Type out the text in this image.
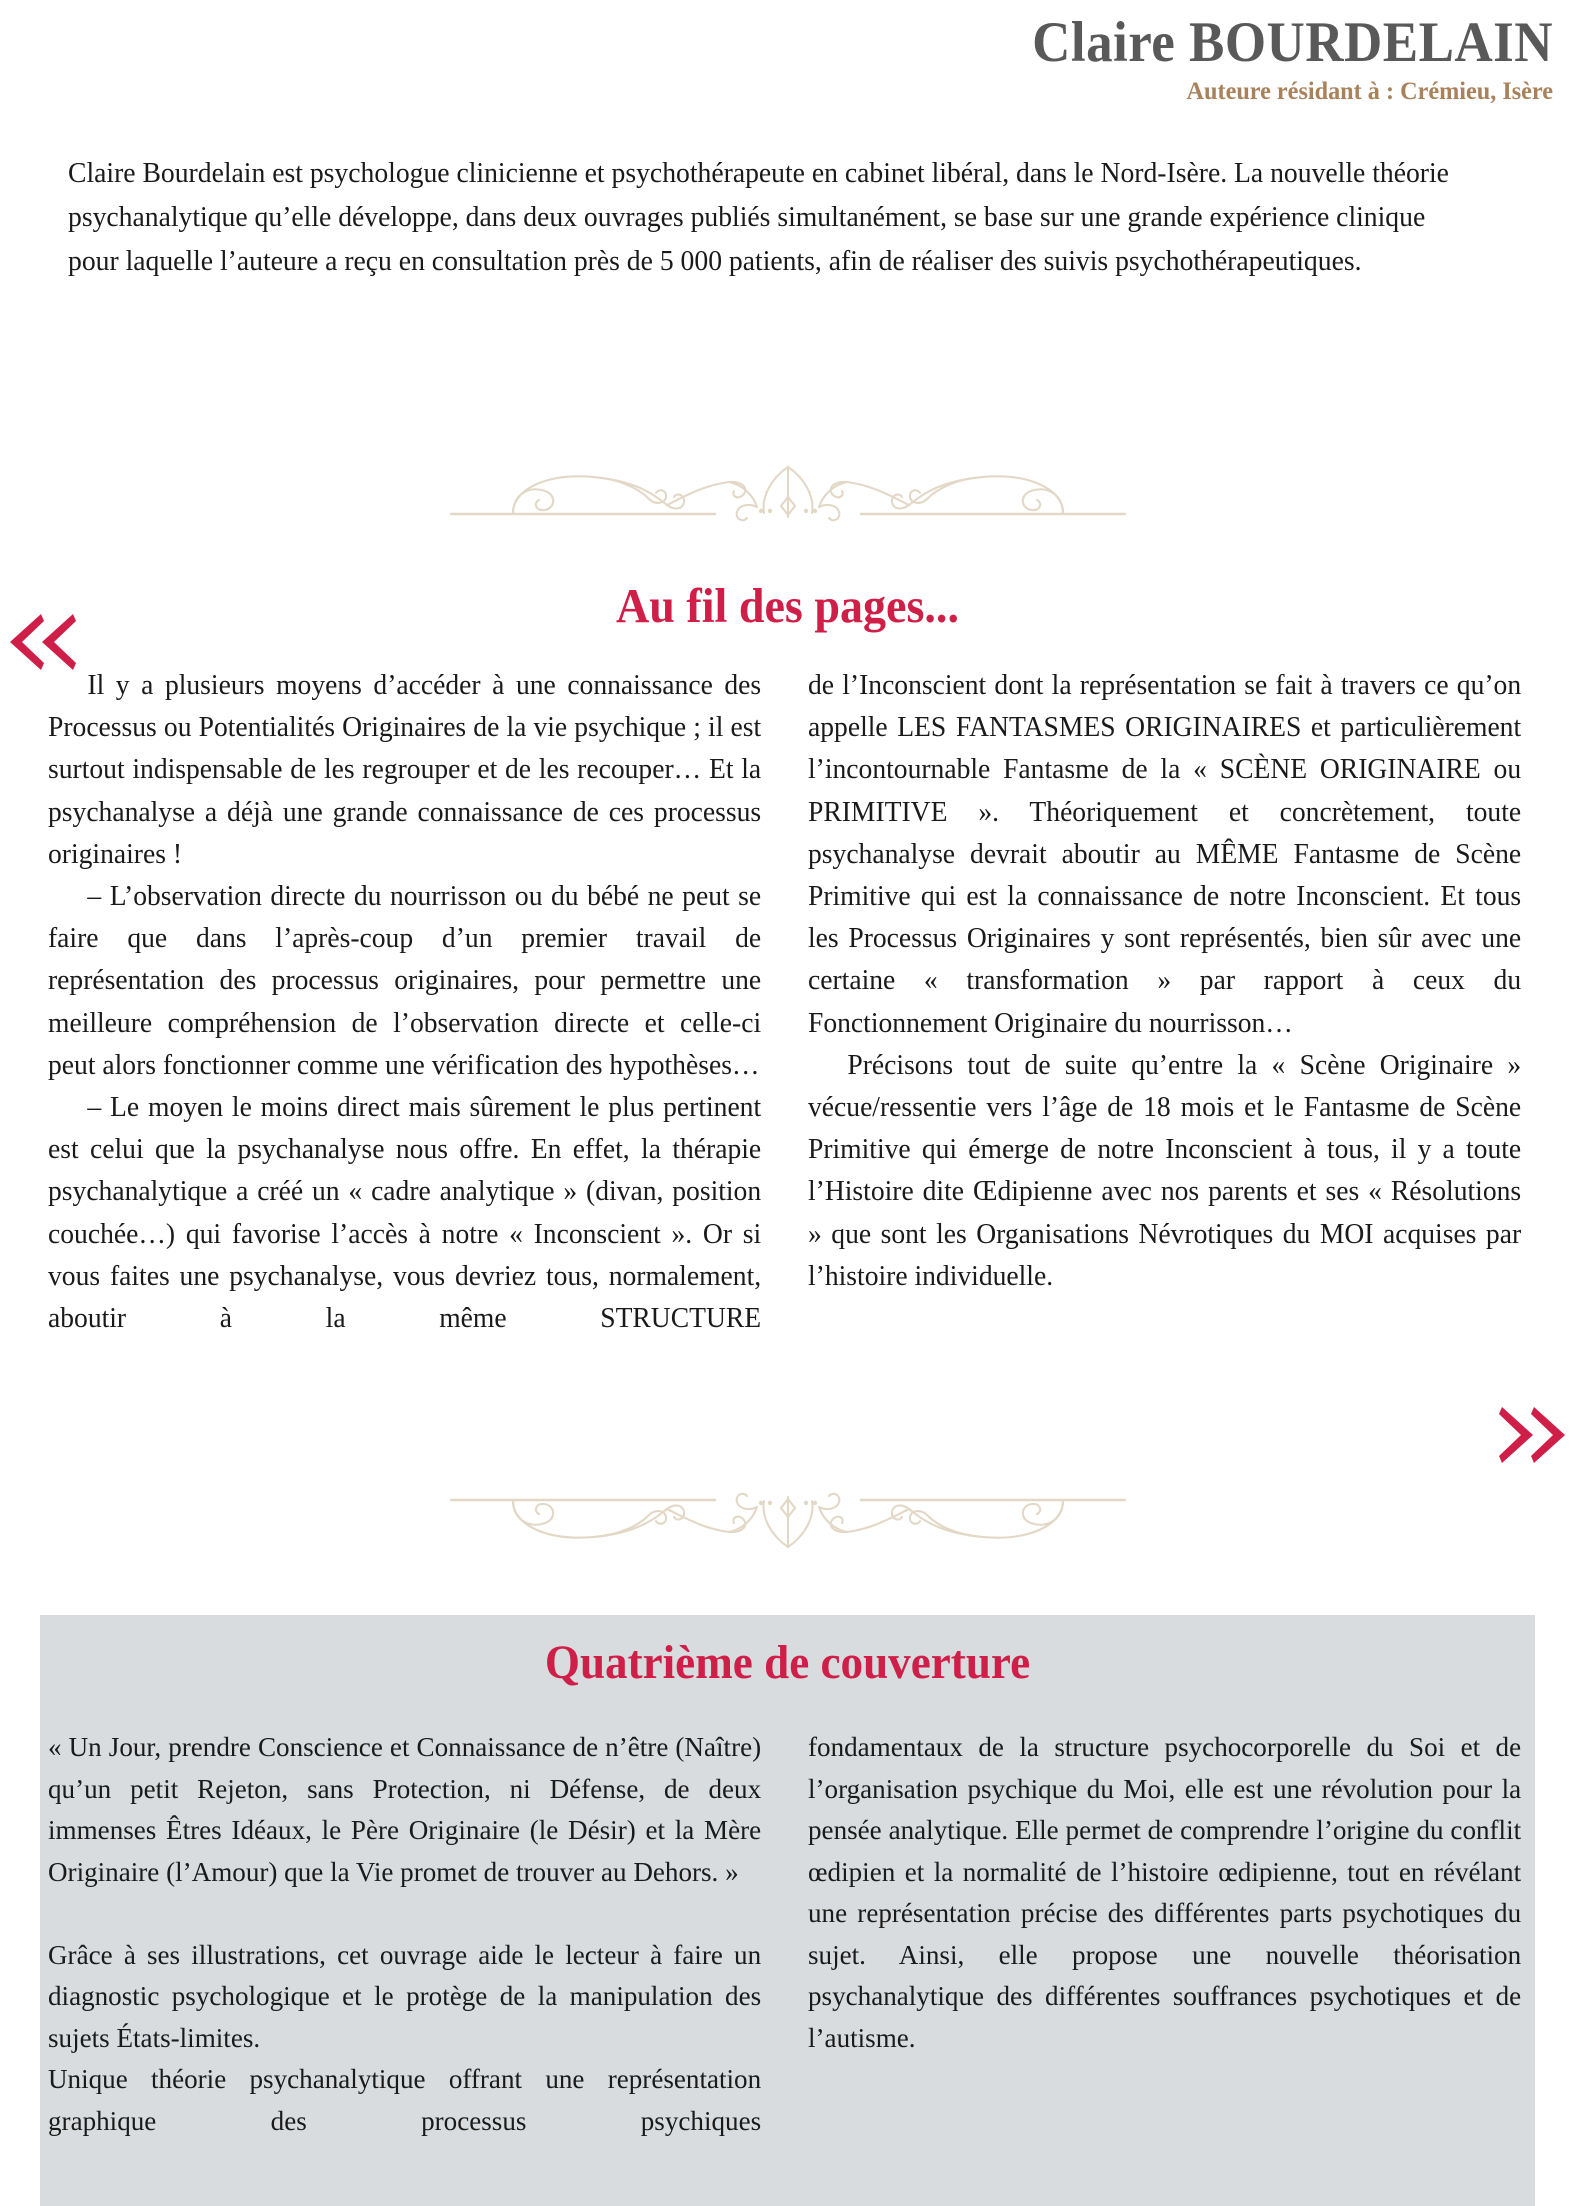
Claire BOURDELAIN
Auteure résidant à : Crémieu, Isère
Claire Bourdelain est psychologue clinicienne et psychothérapeute en cabinet libéral, dans le Nord-Isère. La nouvelle théorie psychanalytique qu’elle développe, dans deux ouvrages publiés simultanément, se base sur une grande expérience clinique pour laquelle l’auteure a reçu en consultation près de 5 000 patients, afin de réaliser des suivis psychothérapeutiques.
Au fil des pages...

Il y a plusieurs moyens d’accéder à une connaissance des Processus ou Potentialités Originaires de la vie psychique ; il est surtout indispensable de les regrouper et de les recouper… Et la psychanalyse a déjà une grande connaissance de ces processus originaires !

– L’observation directe du nourrisson ou du bébé ne peut se faire que dans l’après-coup d’un premier travail de représentation des processus originaires, pour permettre une meilleure compréhension de l’observation directe et celle-ci peut alors fonctionner comme une vérification des hypothèses…

– Le moyen le moins direct mais sûrement le plus pertinent est celui que la psychanalyse nous offre. En effet, la thérapie psychanalytique a créé un « cadre analytique » (divan, position couchée…) qui favorise l’accès à notre « Inconscient ». Or si vous faites une psychanalyse, vous devriez tous, normalement, aboutir à la même STRUCTURE

de l’Inconscient dont la représentation se fait à travers ce qu’on appelle LES FANTASMES ORIGINAIRES et particulièrement l’incontournable Fantasme de la « SCÈNE ORIGINAIRE ou PRIMITIVE ». Théoriquement et concrètement, toute psychanalyse devrait aboutir au MÊME Fantasme de Scène Primitive qui est la connaissance de notre Inconscient. Et tous les Processus Originaires y sont représentés, bien sûr avec une certaine « transformation » par rapport à ceux du Fonctionnement Originaire du nourrisson…

Précisons tout de suite qu’entre la « Scène Originaire » vécue/ressentie vers l’âge de 18 mois et le Fantasme de Scène Primitive qui émerge de notre Inconscient à tous, il y a toute l’Histoire dite Œdipienne avec nos parents et ses « Résolutions » que sont les Organisations Névrotiques du MOI acquises par l’histoire individuelle.

Quatrième de couverture

« Un Jour, prendre Conscience et Connaissance de n’être (Naître) qu’un petit Rejeton, sans Protection, ni Défense, de deux immenses Êtres Idéaux, le Père Originaire (le Désir) et la Mère Originaire (l’Amour) que la Vie promet de trouver au Dehors. »

Grâce à ses illustrations, cet ouvrage aide le lecteur à faire un diagnostic psychologique et le protège de la manipulation des sujets États-limites.

Unique théorie psychanalytique offrant une représentation graphique des processus psychiques

fondamentaux de la structure psychocorporelle du Soi et de l’organisation psychique du Moi, elle est une révolution pour la pensée analytique. Elle permet de comprendre l’origine du conflit œdipien et la normalité de l’histoire œdipienne, tout en révélant une représentation précise des différentes parts psychotiques du sujet. Ainsi, elle propose une nouvelle théorisation psychanalytique des différentes souffrances psychotiques et de l’autisme.
